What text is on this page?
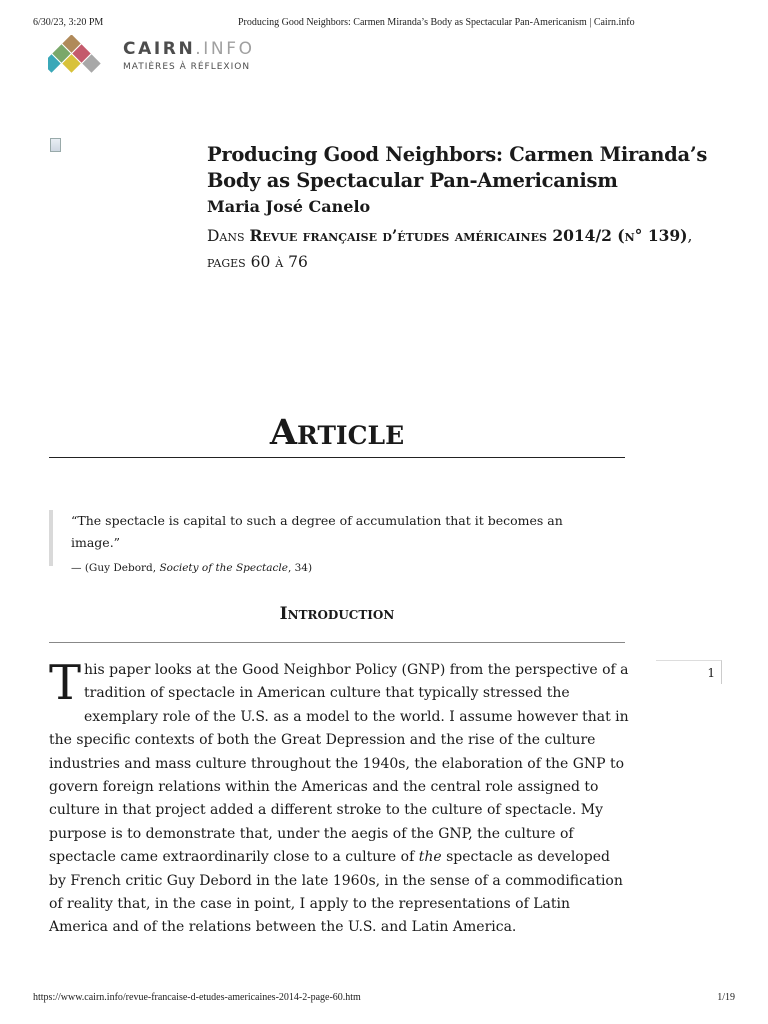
6/30/23, 3:20 PM	Producing Good Neighbors: Carmen Miranda’s Body as Spectacular Pan-Americanism | Cairn.info
CAIRN.INFO
MATIÈRES À RÉFLEXION
Producing Good Neighbors: Carmen Miranda’s Body as Spectacular Pan-Americanism
Maria José Canelo
Dans Revue française d’études américaines 2014/2 (n° 139),
pages 60 à 76
Article
“The spectacle is capital to such a degree of accumulation that it becomes an image.”
— (Guy Debord, Society of the Spectacle, 34)
Introduction
1

This paper looks at the Good Neighbor Policy (GNP) from the perspective of a tradition of spectacle in American culture that typically stressed the exemplary role of the U.S. as a model to the world. I assume however that in the specific contexts of both the Great Depression and the rise of the culture industries and mass culture throughout the 1940s, the elaboration of the GNP to govern foreign relations within the Americas and the central role assigned to culture in that project added a different stroke to the culture of spectacle. My purpose is to demonstrate that, under the aegis of the GNP, the culture of spectacle came extraordinarily close to a culture of the spectacle as developed by French critic Guy Debord in the late 1960s, in the sense of a commodification of reality that, in the case in point, I apply to the representations of Latin America and of the relations between the U.S. and Latin America.

https://www.cairn.info/revue-francaise-d-etudes-americaines-2014-2-page-60.htm	1/19
